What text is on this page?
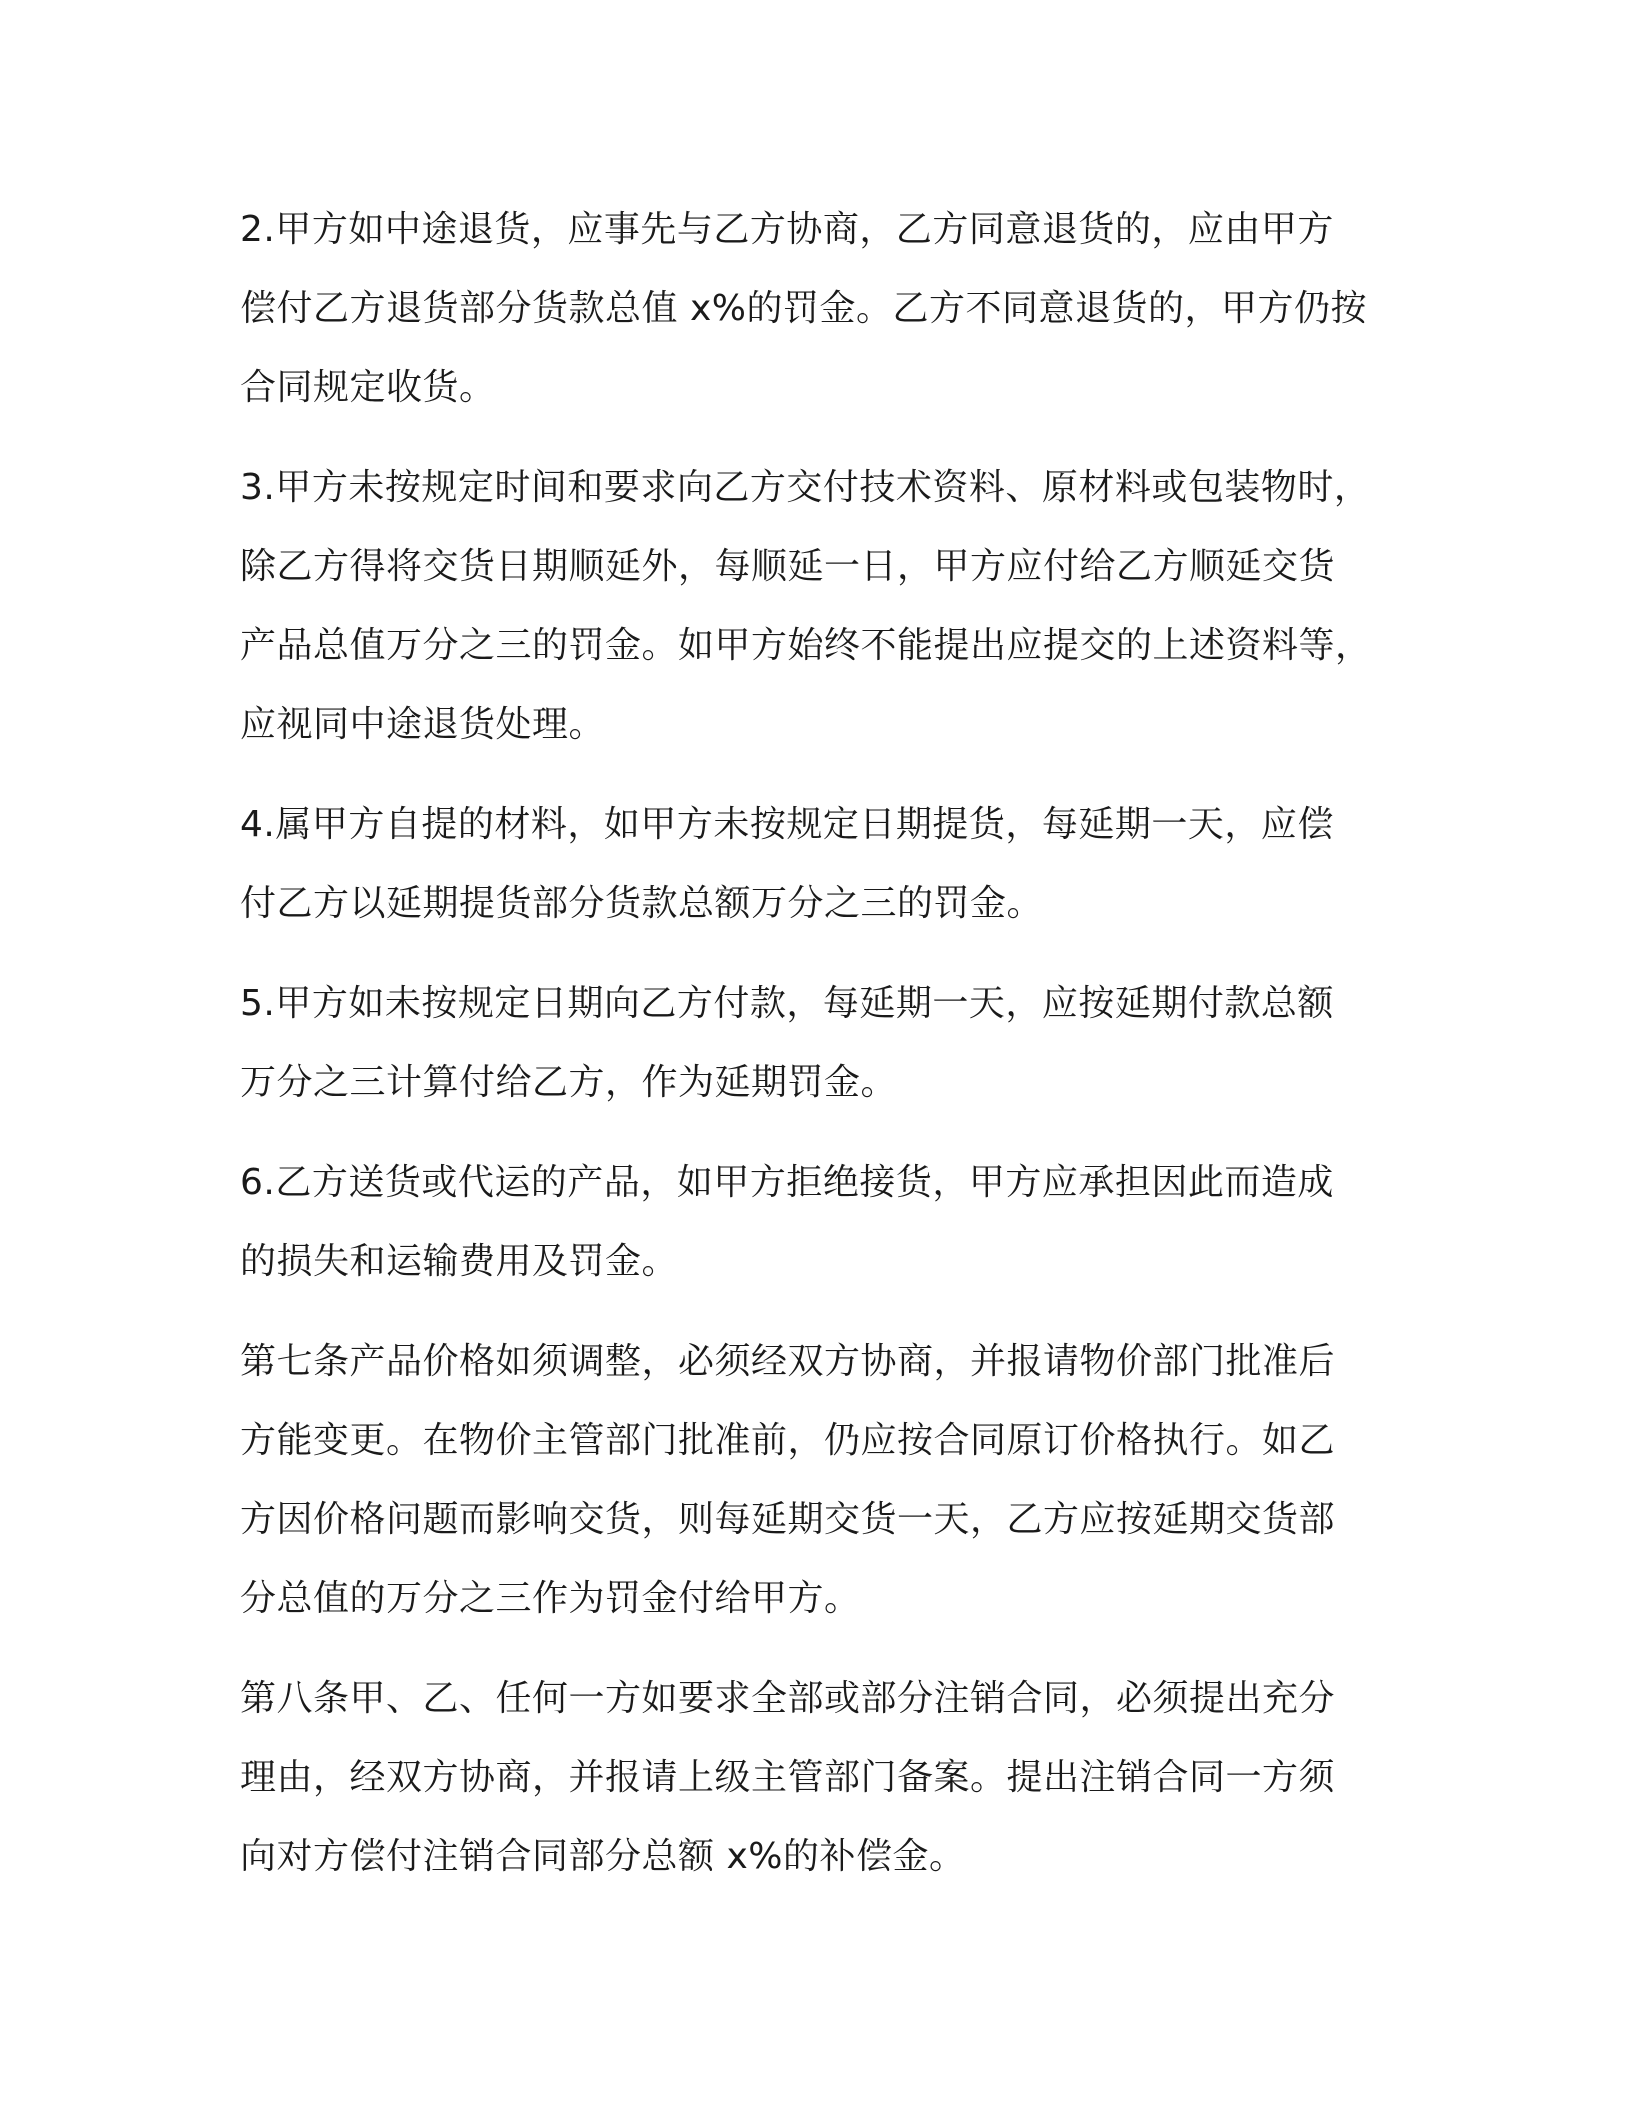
2.甲方如中途退货，应事先与乙方协商，乙方同意退货的，应由甲方
偿付乙方退货部分货款总值 x%的罚金。乙方不同意退货的，甲方仍按
合同规定收货。

3.甲方未按规定时间和要求向乙方交付技术资料、原材料或包装物时，
除乙方得将交货日期顺延外，每顺延一日，甲方应付给乙方顺延交货
产品总值万分之三的罚金。如甲方始终不能提出应提交的上述资料等，
应视同中途退货处理。

4.属甲方自提的材料，如甲方未按规定日期提货，每延期一天，应偿
付乙方以延期提货部分货款总额万分之三的罚金。

5.甲方如未按规定日期向乙方付款，每延期一天，应按延期付款总额
万分之三计算付给乙方，作为延期罚金。

6.乙方送货或代运的产品，如甲方拒绝接货，甲方应承担因此而造成
的损失和运输费用及罚金。

第七条产品价格如须调整，必须经双方协商，并报请物价部门批准后
方能变更。在物价主管部门批准前，仍应按合同原订价格执行。如乙
方因价格问题而影响交货，则每延期交货一天，乙方应按延期交货部
分总值的万分之三作为罚金付给甲方。

第八条甲、乙、任何一方如要求全部或部分注销合同，必须提出充分
理由，经双方协商，并报请上级主管部门备案。提出注销合同一方须
向对方偿付注销合同部分总额 x%的补偿金。
